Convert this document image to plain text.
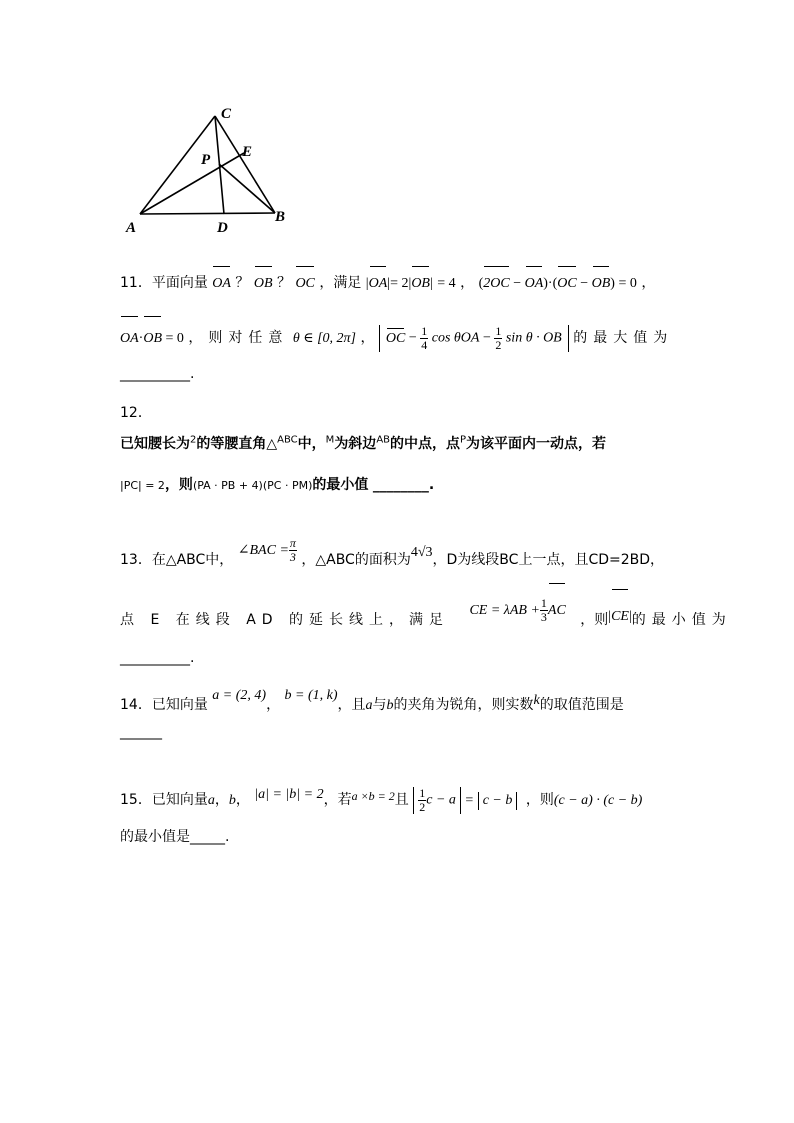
C
E
P
A
B
D
11．平面向量 OA ？ OB ？ OC ，满足 |OA|= 2|OB| = 4 ， (2OC − OA)·(OC − OB) = 0 ，
OA·OB = 0 ，则对任意 θ ∈ [0, 2π] ， OC − $\frac{1}{4}$ $\cos \theta OA - \frac{1}{2}$ sin θ · OB 的最大值为
__________.
12．
已知腰长为$^2$的等腰直角△$^{ABC}$中，$^M$为斜边$^{AB}$的中点，点$^P$为该平面内一动点，若
|PC| = 2，则(PA · PB + 4)(PC · PM)的最小值 ________.
13．在△ABC中， ∠BAC = $\frac{\pi}{3}$ ，△ABC的面积为4√3，D为线段BC上一点，且CD=2BD，
点 E 在线段 AD 的延长线上，满足 CE = $\lambda AB + \frac{1}{3}$ AC ，则|CE|的最小值为
__________.
14．已知向量 a = (2, 4)， b = (1, k)，且a与b的夹角为锐角，则实数k的取值范围是
______
15．已知向量a，b， |a| = |b| = 2，若a ×b = 2且 $\frac{1}{2}$ c − a = c − b ，则(c − a) · (c − b)
的最小值是_____.
